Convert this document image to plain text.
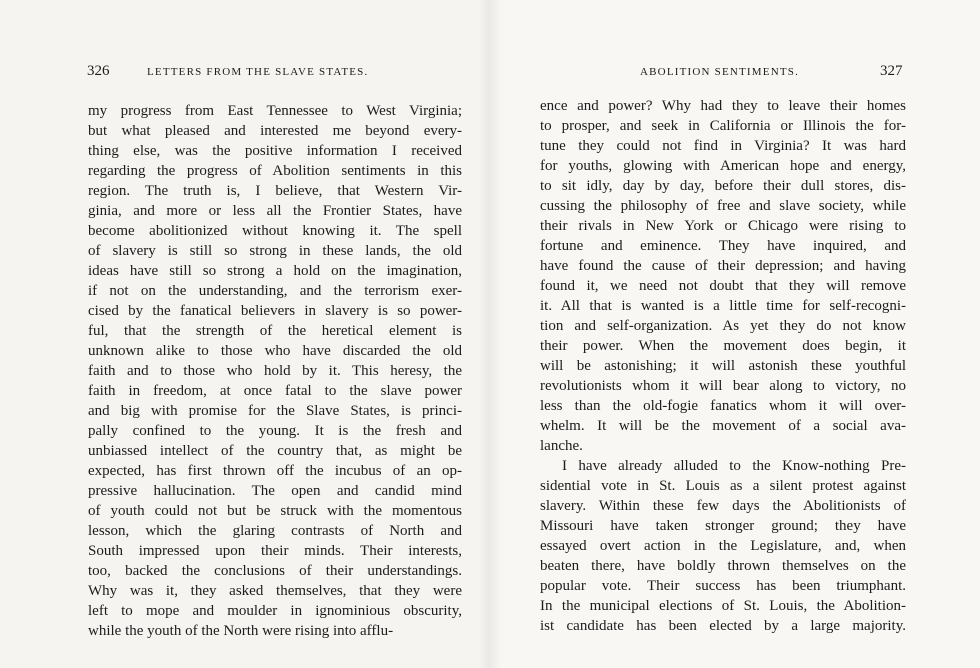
326	LETTERS FROM THE SLAVE STATES.
my progress from East Tennessee to West Virginia;
but what pleased and interested me beyond every-
thing else, was the positive information I received
regarding the progress of Abolition sentiments in this
region. The truth is, I believe, that Western Vir-
ginia, and more or less all the Frontier States, have
become abolitionized without knowing it. The spell
of slavery is still so strong in these lands, the old
ideas have still so strong a hold on the imagination,
if not on the understanding, and the terrorism exer-
cised by the fanatical believers in slavery is so power-
ful, that the strength of the heretical element is
unknown alike to those who have discarded the old
faith and to those who hold by it. This heresy, the
faith in freedom, at once fatal to the slave power
and big with promise for the Slave States, is princi-
pally confined to the young. It is the fresh and
unbiassed intellect of the country that, as might be
expected, has first thrown off the incubus of an op-
pressive hallucination. The open and candid mind
of youth could not but be struck with the momentous
lesson, which the glaring contrasts of North and
South impressed upon their minds. Their interests,
too, backed the conclusions of their understandings.
Why was it, they asked themselves, that they were
left to mope and moulder in ignominious obscurity,
while the youth of the North were rising into afflu-
ABOLITION SENTIMENTS.	327
ence and power? Why had they to leave their homes
to prosper, and seek in California or Illinois the for-
tune they could not find in Virginia? It was hard
for youths, glowing with American hope and energy,
to sit idly, day by day, before their dull stores, dis-
cussing the philosophy of free and slave society, while
their rivals in New York or Chicago were rising to
fortune and eminence. They have inquired, and
have found the cause of their depression; and having
found it, we need not doubt that they will remove
it. All that is wanted is a little time for self-recogni-
tion and self-organization. As yet they do not know
their power. When the movement does begin, it
will be astonishing; it will astonish these youthful
revolutionists whom it will bear along to victory, no
less than the old-fogie fanatics whom it will over-
whelm. It will be the movement of a social ava-
lanche.
I have already alluded to the Know-nothing Pre-
sidential vote in St. Louis as a silent protest against
slavery. Within these few days the Abolitionists of
Missouri have taken stronger ground; they have
essayed overt action in the Legislature, and, when
beaten there, have boldly thrown themselves on the
popular vote. Their success has been triumphant.
In the municipal elections of St. Louis, the Abolition-
ist candidate has been elected by a large majority.
